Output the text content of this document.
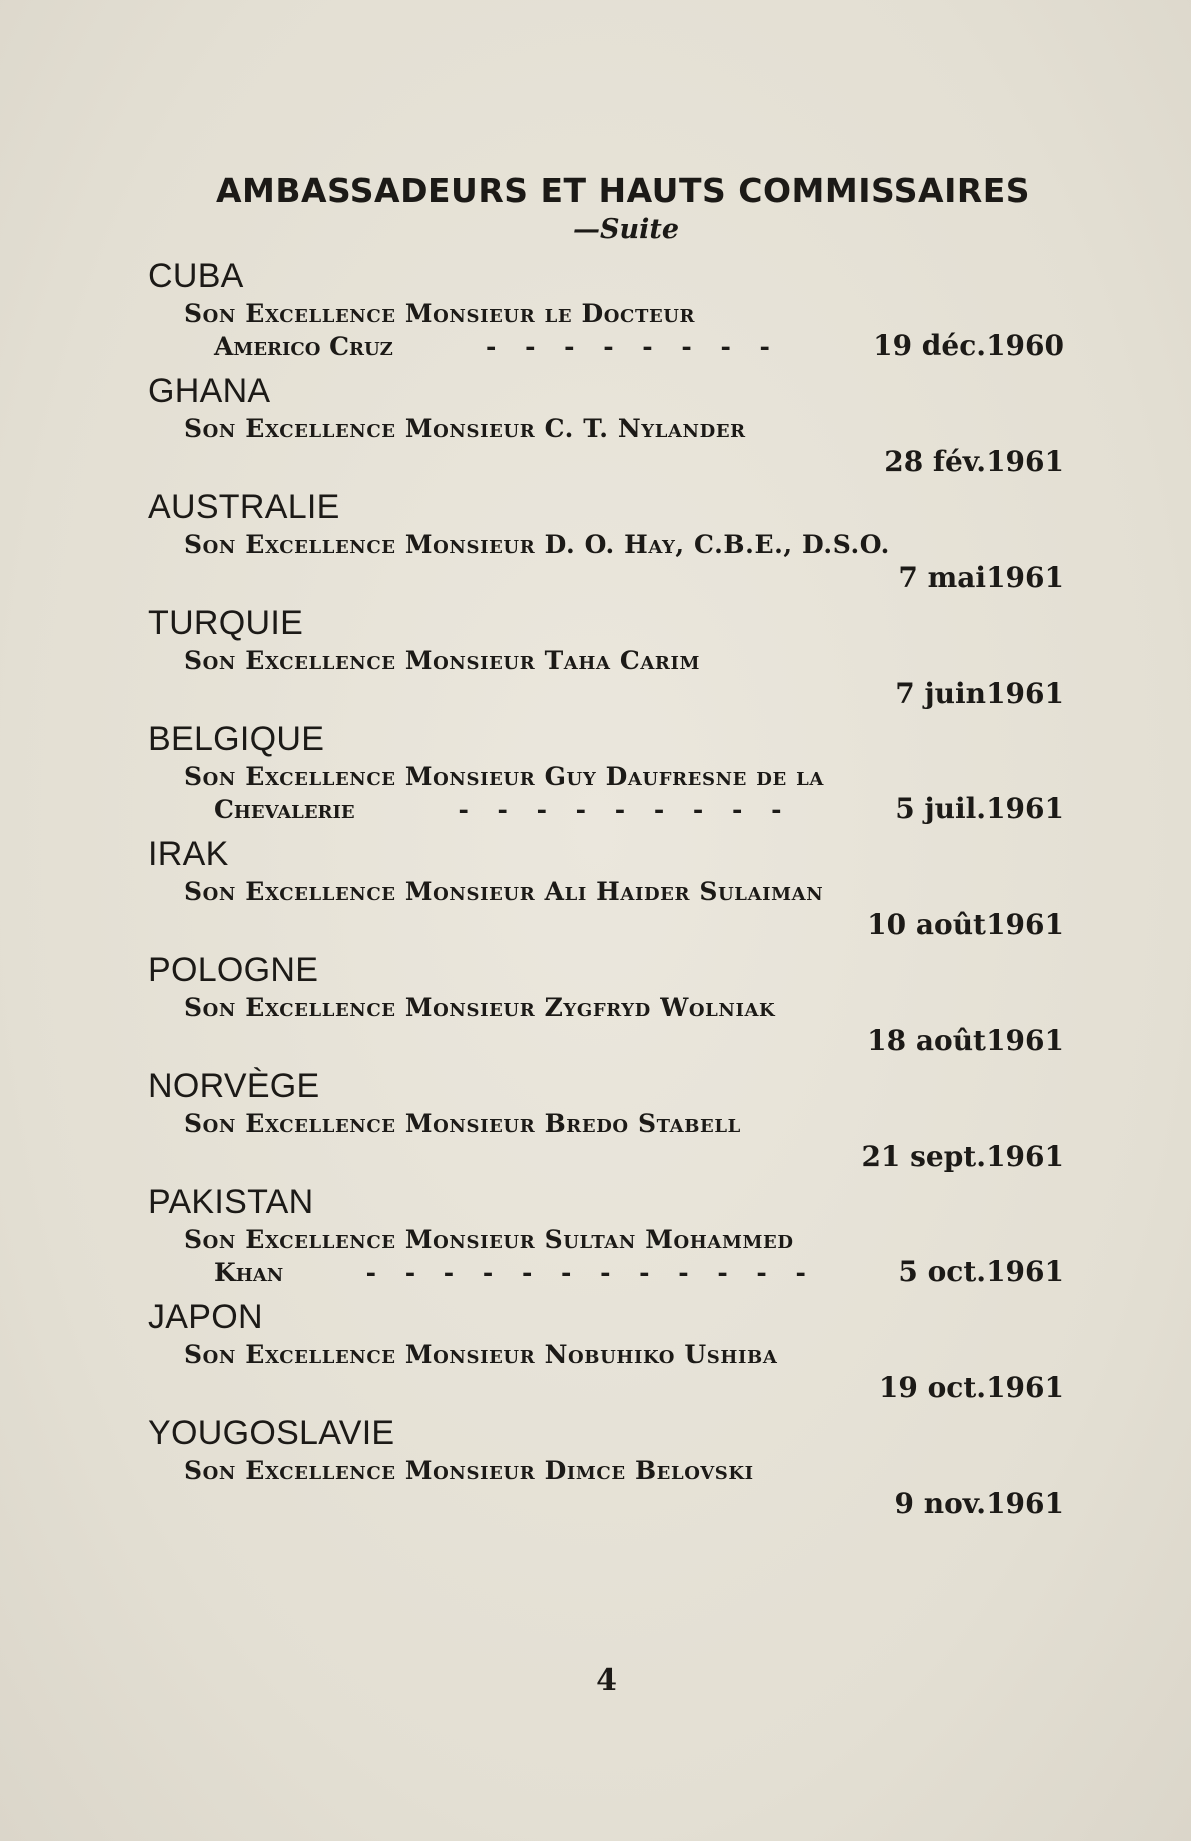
AMBASSADEURS ET HAUTS COMMISSAIRES
—Suite
CUBA
Son Excellence Monsieur le Docteur
Americo Cruz	- - - - - - - -	19 déc.1960
GHANA
Son Excellence Monsieur C. T. Nylander
28 fév.1961
AUSTRALIE
Son Excellence Monsieur D. O. Hay, C.B.E., D.S.O.
7 mai1961
TURQUIE
Son Excellence Monsieur Taha Carim
7 juin1961
BELGIQUE
Son Excellence Monsieur Guy Daufresne de la
Chevalerie	- - - - - - - - -	5 juil.1961
IRAK
Son Excellence Monsieur Ali Haider Sulaiman
10 août1961
POLOGNE
Son Excellence Monsieur Zygfryd Wolniak
18 août1961
NORVÈGE
Son Excellence Monsieur Bredo Stabell
21 sept.1961
PAKISTAN
Son Excellence Monsieur Sultan Mohammed
Khan	- - - - - - - - - - - -	5 oct.1961
JAPON
Son Excellence Monsieur Nobuhiko Ushiba
19 oct.1961
YOUGOSLAVIE
Son Excellence Monsieur Dimce Belovski
9 nov.1961
4
